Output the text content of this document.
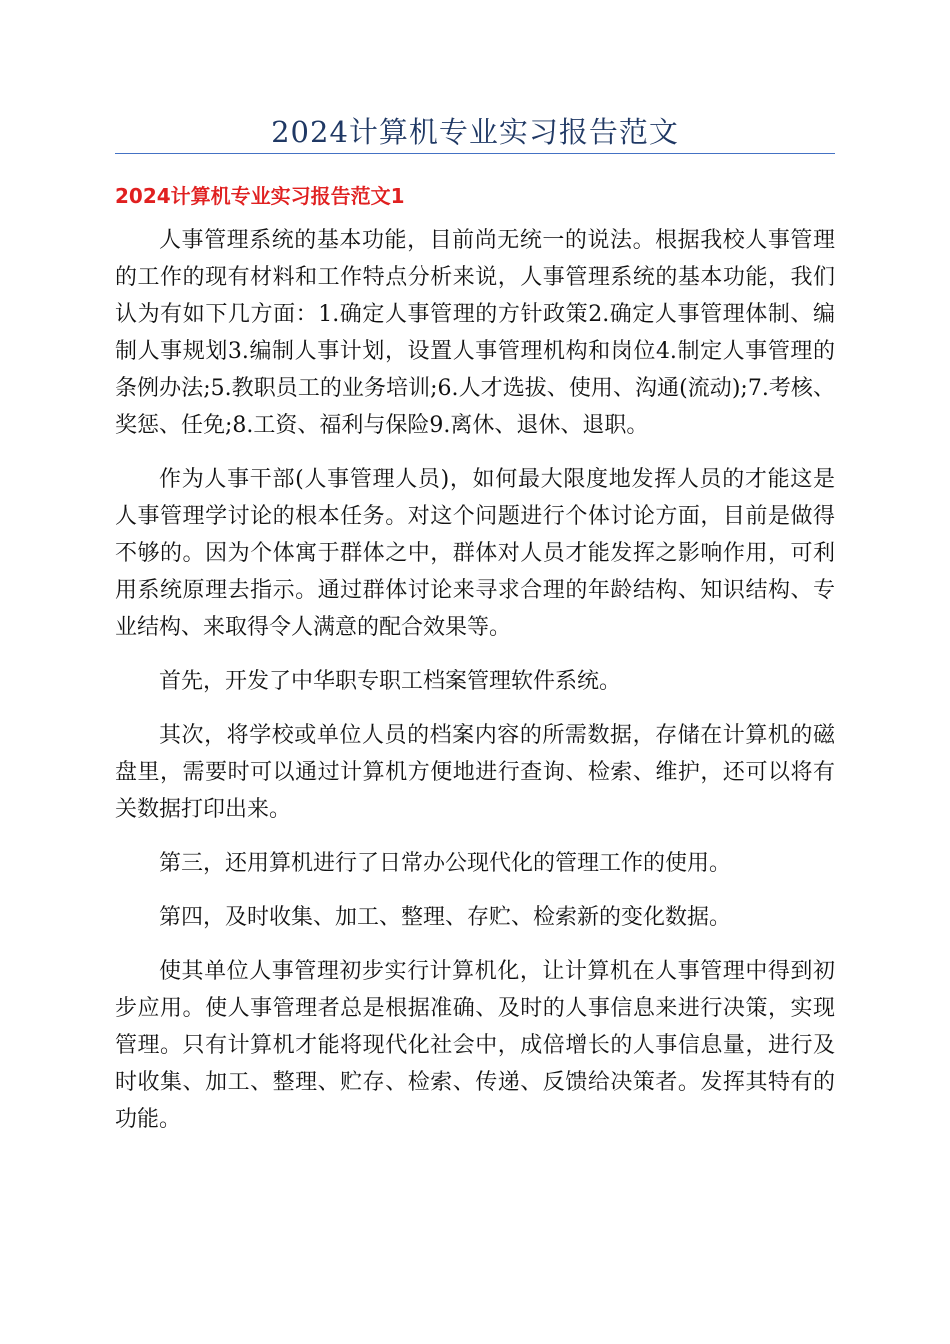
2024计算机专业实习报告范文
2024计算机专业实习报告范文1

人事管理系统的基本功能，目前尚无统一的说法。根据我校人事管理的工作的现有材料和工作特点分析来说，人事管理系统的基本功能，我们认为有如下几方面：1.确定人事管理的方针政策2.确定人事管理体制、编制人事规划3.编制人事计划，设置人事管理机构和岗位4.制定人事管理的条例办法;5.教职员工的业务培训;6.人才选拔、使用、沟通(流动);7.考核、奖惩、任免;8.工资、福利与保险9.离休、退休、退职。

作为人事干部(人事管理人员)，如何最大限度地发挥人员的才能这是人事管理学讨论的根本任务。对这个问题进行个体讨论方面，目前是做得不够的。因为个体寓于群体之中，群体对人员才能发挥之影响作用，可利用系统原理去指示。通过群体讨论来寻求合理的年龄结构、知识结构、专业结构、来取得令人满意的配合效果等。

首先，开发了中华职专职工档案管理软件系统。

其次，将学校或单位人员的档案内容的所需数据，存储在计算机的磁盘里，需要时可以通过计算机方便地进行查询、检索、维护，还可以将有关数据打印出来。

第三，还用算机进行了日常办公现代化的管理工作的使用。

第四，及时收集、加工、整理、存贮、检索新的变化数据。

使其单位人事管理初步实行计算机化，让计算机在人事管理中得到初步应用。使人事管理者总是根据准确、及时的人事信息来进行决策，实现管理。只有计算机才能将现代化社会中，成倍增长的人事信息量，进行及时收集、加工、整理、贮存、检索、传递、反馈给决策者。发挥其特有的功能。
